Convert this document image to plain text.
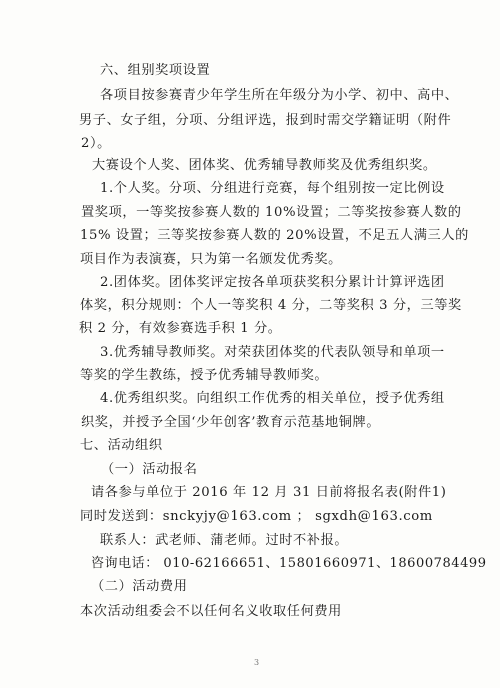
六、组别奖项设置
各项目按参赛青少年学生所在年级分为小学、初中、高中、
男子、女子组，分项、分组评选，报到时需交学籍证明（附件
2）。
大赛设个人奖、团体奖、优秀辅导教师奖及优秀组织奖。
1.个人奖。分项、分组进行竞赛，每个组别按一定比例设
置奖项，一等奖按参赛人数的 10%设置；二等奖按参赛人数的
15% 设置；三等奖按参赛人数的 20%设置，不足五人满三人的
项目作为表演赛，只为第一名颁发优秀奖。
2.团体奖。团体奖评定按各单项获奖积分累计计算评选团
体奖，积分规则：个人一等奖积 4 分，二等奖积 3 分，三等奖
积 2 分，有效参赛选手积 1 分。
3.优秀辅导教师奖。对荣获团体奖的代表队领导和单项一
等奖的学生教练，授予优秀辅导教师奖。
4.优秀组织奖。向组织工作优秀的相关单位，授予优秀组
织奖，并授予全国‘少年创客’教育示范基地铜牌。
七、活动组织
（一）活动报名
请各参与单位于 2016 年 12 月 31 日前将报名表(附件1)
同时发送到：snckyjy@163.com ； sgxdh@163.com
联系人：武老师、蒲老师。过时不补报。
咨询电话： 010-62166651、15801660971、18600784499
（二）活动费用
本次活动组委会不以任何名义收取任何费用
3
